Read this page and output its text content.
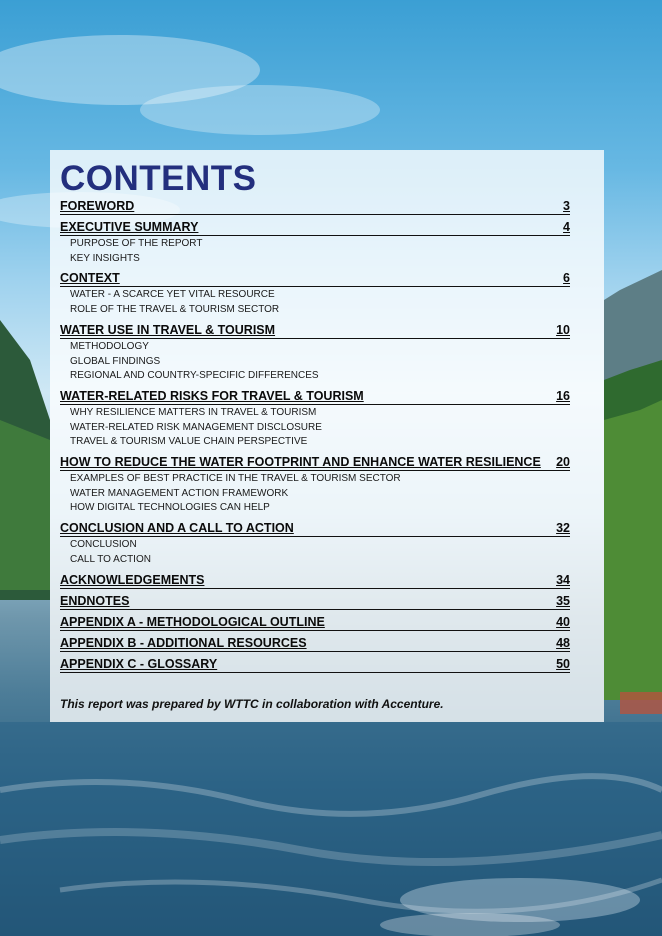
CONTENTS
FOREWORD	3
EXECUTIVE SUMMARY	4
PURPOSE OF THE REPORT
KEY INSIGHTS
CONTEXT	6
WATER - A SCARCE YET VITAL RESOURCE
ROLE OF THE TRAVEL & TOURISM SECTOR
WATER USE IN TRAVEL & TOURISM	10
METHODOLOGY
GLOBAL FINDINGS
REGIONAL AND COUNTRY-SPECIFIC DIFFERENCES
WATER-RELATED RISKS FOR TRAVEL & TOURISM	16
WHY RESILIENCE MATTERS IN TRAVEL & TOURISM
WATER-RELATED RISK MANAGEMENT DISCLOSURE
TRAVEL & TOURISM VALUE CHAIN PERSPECTIVE
HOW TO REDUCE THE WATER FOOTPRINT AND ENHANCE WATER RESILIENCE 20
EXAMPLES OF BEST PRACTICE IN THE TRAVEL & TOURISM SECTOR
WATER MANAGEMENT ACTION FRAMEWORK
HOW DIGITAL TECHNOLOGIES CAN HELP
CONCLUSION AND A CALL TO ACTION	32
CONCLUSION
CALL TO ACTION
ACKNOWLEDGEMENTS	34
ENDNOTES	35
APPENDIX A - METHODOLOGICAL OUTLINE	40
APPENDIX B - ADDITIONAL RESOURCES	48
APPENDIX C - GLOSSARY	50
This report was prepared by WTTC in collaboration with Accenture.
